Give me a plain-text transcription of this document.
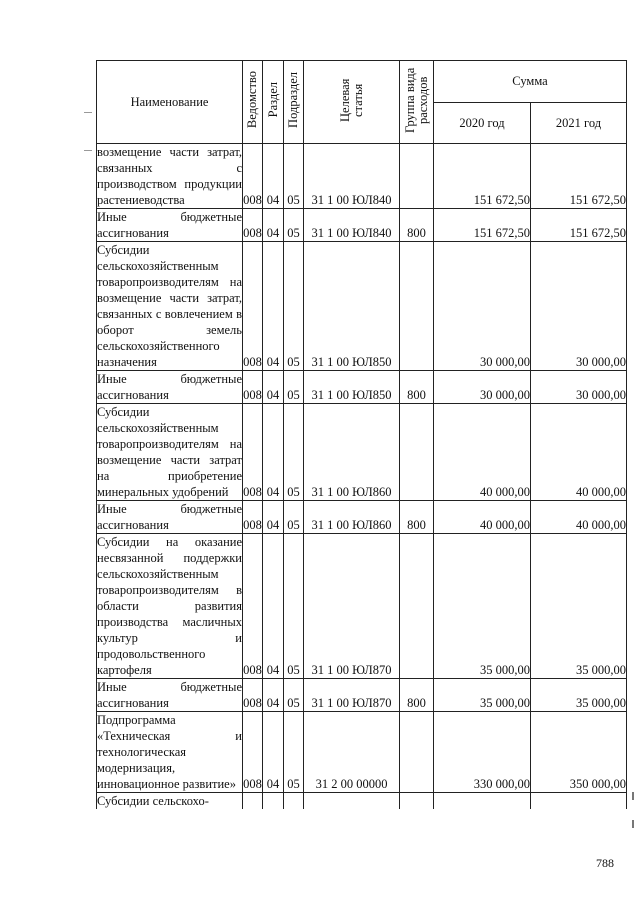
Наименование	Ведомство	Раздел	Подраздел	Целевая статья	Группа вида расходов	Сумма	
						2020 год	2021 год
возмещение части затрат, связанных с производством продукции растениеводства	008	04	05	31 1 00 ЮЛ840		151 672,50	151 672,50
Иные бюджетные ассигнования	008	04	05	31 1 00 ЮЛ840	800	151 672,50	151 672,50
Субсидии сельскохозяйственным товаропроизводителям на возмещение части затрат, связанных с вовлечением в оборот земель сельскохозяйственного назначения	008	04	05	31 1 00 ЮЛ850		30 000,00	30 000,00
Иные бюджетные ассигнования	008	04	05	31 1 00 ЮЛ850	800	30 000,00	30 000,00
Субсидии сельскохозяйственным товаропроизводителям на возмещение части затрат на приобретение минеральных удобрений	008	04	05	31 1 00 ЮЛ860		40 000,00	40 000,00
Иные бюджетные ассигнования	008	04	05	31 1 00 ЮЛ860	800	40 000,00	40 000,00
Субсидии на оказание несвязанной поддержки сельскохозяйственным товаропроизводителям в области развития производства масличных культур и продовольственного картофеля	008	04	05	31 1 00 ЮЛ870		35 000,00	35 000,00
Иные бюджетные ассигнования	008	04	05	31 1 00 ЮЛ870	800	35 000,00	35 000,00
Подпрограмма «Техническая и технологическая модернизация, инновационное развитие»	008	04	05	31 2 00 00000		330 000,00	350 000,00
Субсидии сельскохо-							
788
